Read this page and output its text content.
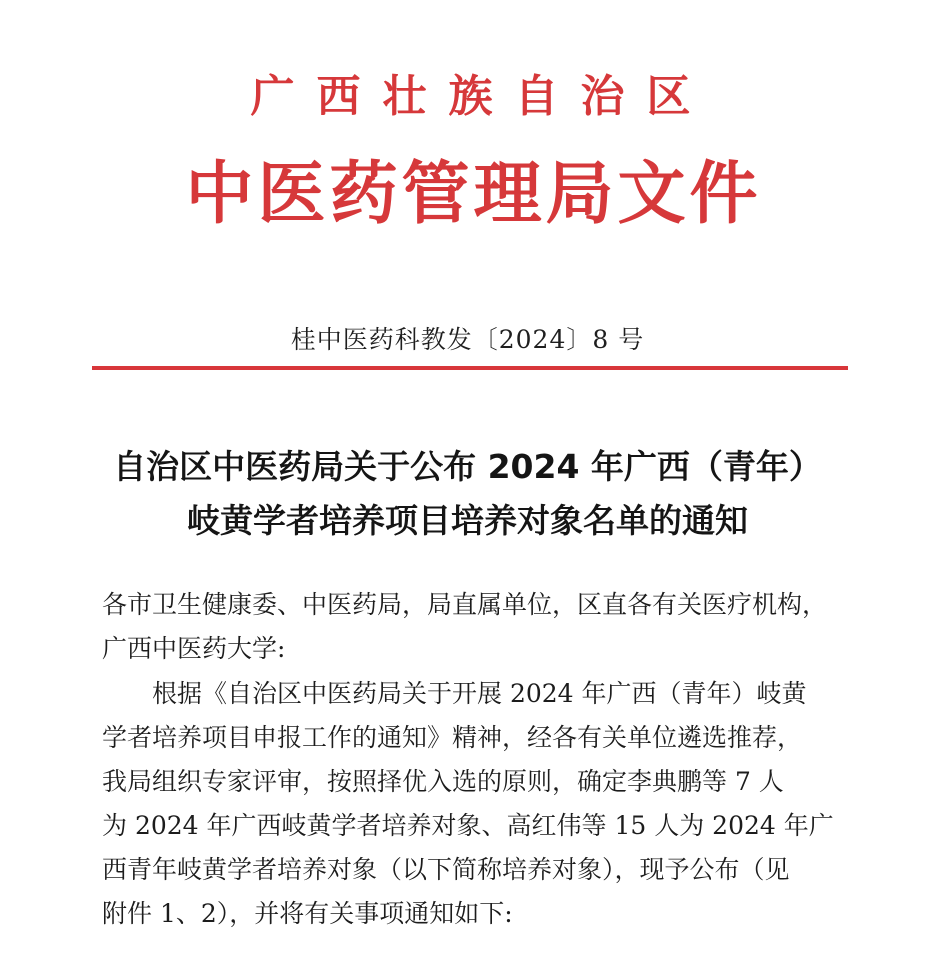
广西壮族自治区
中医药管理局文件
桂中医药科教发〔2024〕8 号
自治区中医药局关于公布 2024 年广西（青年）
岐黄学者培养项目培养对象名单的通知
各市卫生健康委、中医药局，局直属单位，区直各有关医疗机构，
广西中医药大学:
根据《自治区中医药局关于开展 2024 年广西（青年）岐黄
学者培养项目申报工作的通知》精神，经各有关单位遴选推荐，
我局组织专家评审，按照择优入选的原则，确定李典鹏等 7 人
为 2024 年广西岐黄学者培养对象、高红伟等 15 人为 2024 年广
西青年岐黄学者培养对象（以下简称培养对象），现予公布（见
附件 1、2），并将有关事项通知如下:
